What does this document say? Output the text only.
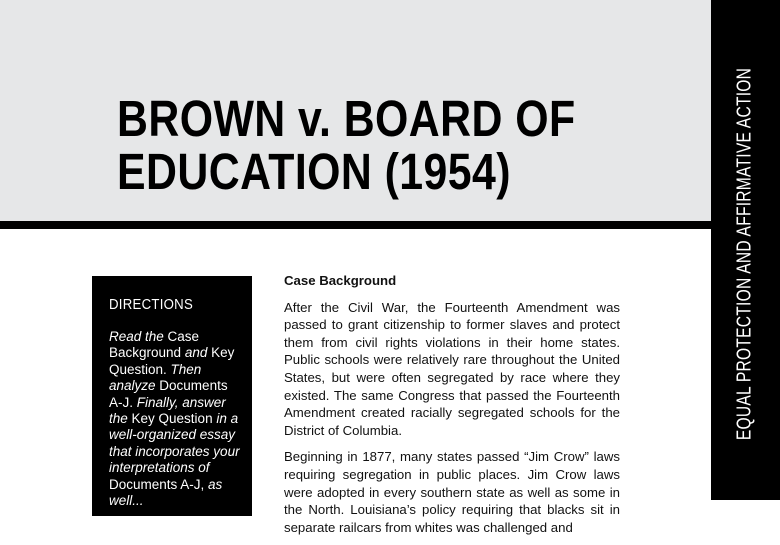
BROWN v. BOARD OF
EDUCATION (1954)	EQUAL PROTECTION AND AFFIRMATIVE ACTION
DIRECTIONS

Read the Case Background and Key Question. Then analyze Documents A-J. Finally, answer the Key Question in a well-organized essay that incorporates your interpretations of Documents A-J, as well...

Case Background

After the Civil War, the Fourteenth Amendment was passed to grant citizenship to former slaves and protect them from civil rights violations in their home states. Public schools were relatively rare throughout the United States, but were often segregated by race where they existed. The same Congress that passed the Fourteenth Amendment created racially segregated schools for the District of Columbia.

Beginning in 1877, many states passed “Jim Crow” laws requiring segregation in public places. Jim Crow laws were adopted in every southern state as well as some in the North. Louisiana’s policy requiring that blacks sit in separate railcars from whites was challenged and
